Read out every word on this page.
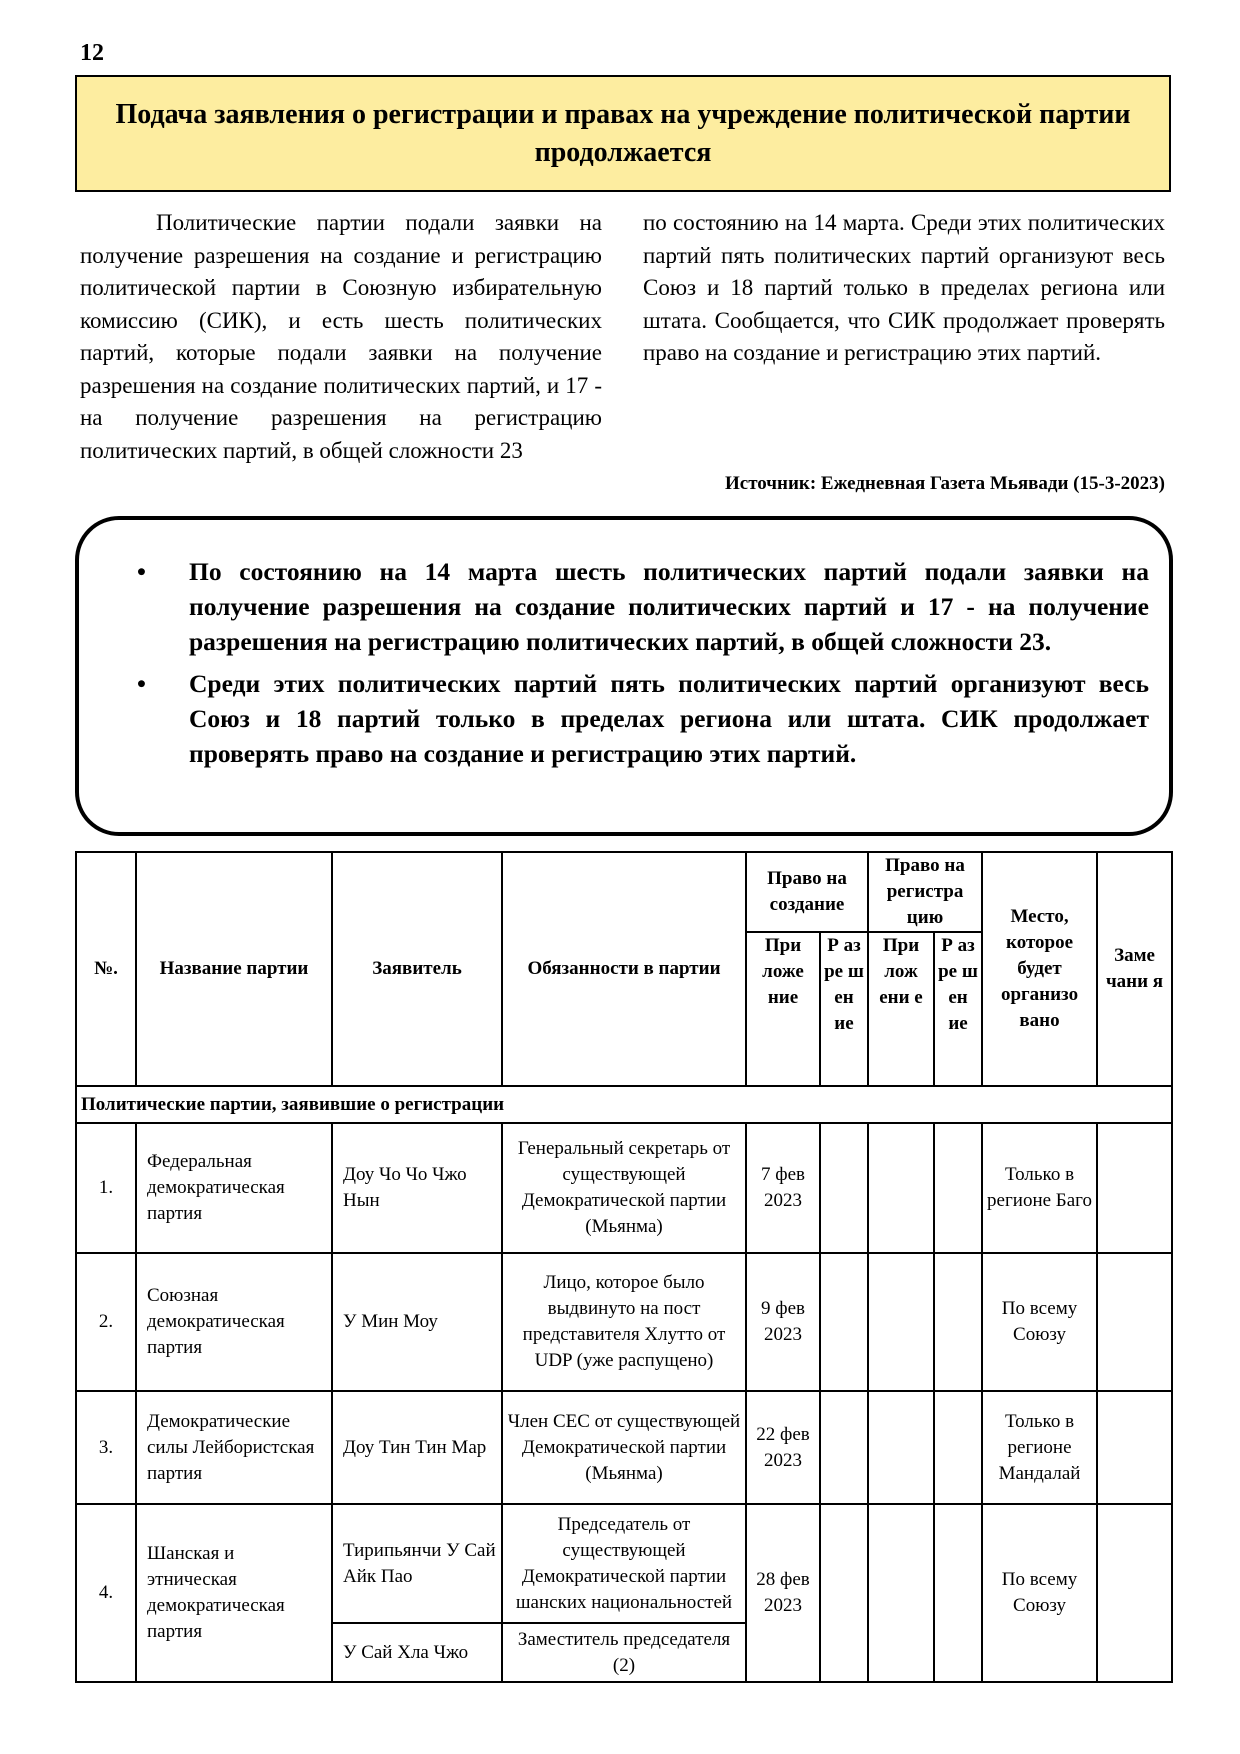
12
Подача заявления о регистрации и правах на учреждение политической партии продолжается

Политические партии подали заявки на получение разрешения на создание и регистрацию политической партии в Союзную избирательную комиссию (СИК), и есть шесть политических партий, которые подали заявки на получение разрешения на создание политических партий, и 17 - на получение разрешения на регистрацию политических партий, в общей сложности 23

по состоянию на 14 марта. Среди этих политических партий пять политических партий организуют весь Союз и 18 партий только в пределах региона или штата. Сообщается, что СИК продолжает проверять право на создание и регистрацию этих партий.

Источник: Ежедневная Газета Мьявади (15-3-2023)
• По состоянию на 14 марта шесть политических партий подали заявки на получение разрешения на создание политических партий и 17 - на получение разрешения на регистрацию политических партий, в общей сложности 23.
• Среди этих политических партий пять политических партий организуют весь Союз и 18 партий только в пределах региона или штата. СИК продолжает проверять право на создание и регистрацию этих партий.
№.	Название партии	Заявитель	Обязанности в партии	Право на создание		Право на регистра цию		Место, которое будет организо вано	Заме чани я
				При ложе ние	Р аз ре ш ен ие	При лож ени е	Р аз ре ш ен ие		
Политические партии, заявившие о регистрации									
1.	Федеральная демократическая партия	Доу Чо Чо Чжо Нын	Генеральный секретарь от существующей Демократической партии (Мьянма)	7 фев 2023				Только в регионе Баго	
2.	Союзная демократическая партия	У Мин Моу	Лицо, которое было выдвинуто на пост представителя Хлутто от UDP (уже распущено)	9 фев 2023				По всему Союзу	
3.	Демократические силы Лейбористская партия	Доу Тин Тин Мар	Член CEC от существующей Демократической партии (Мьянма)	22 фев 2023				Только в регионе Мандалай	
4.	Шанская и этническая демократическая партия	Тирипьянчи У Сай Айк Пао	Председатель от существующей Демократической партии шанских национальностей	28 фев 2023				По всему Союзу	
		У Сай Хла Чжо	Заместитель председателя (2)						
